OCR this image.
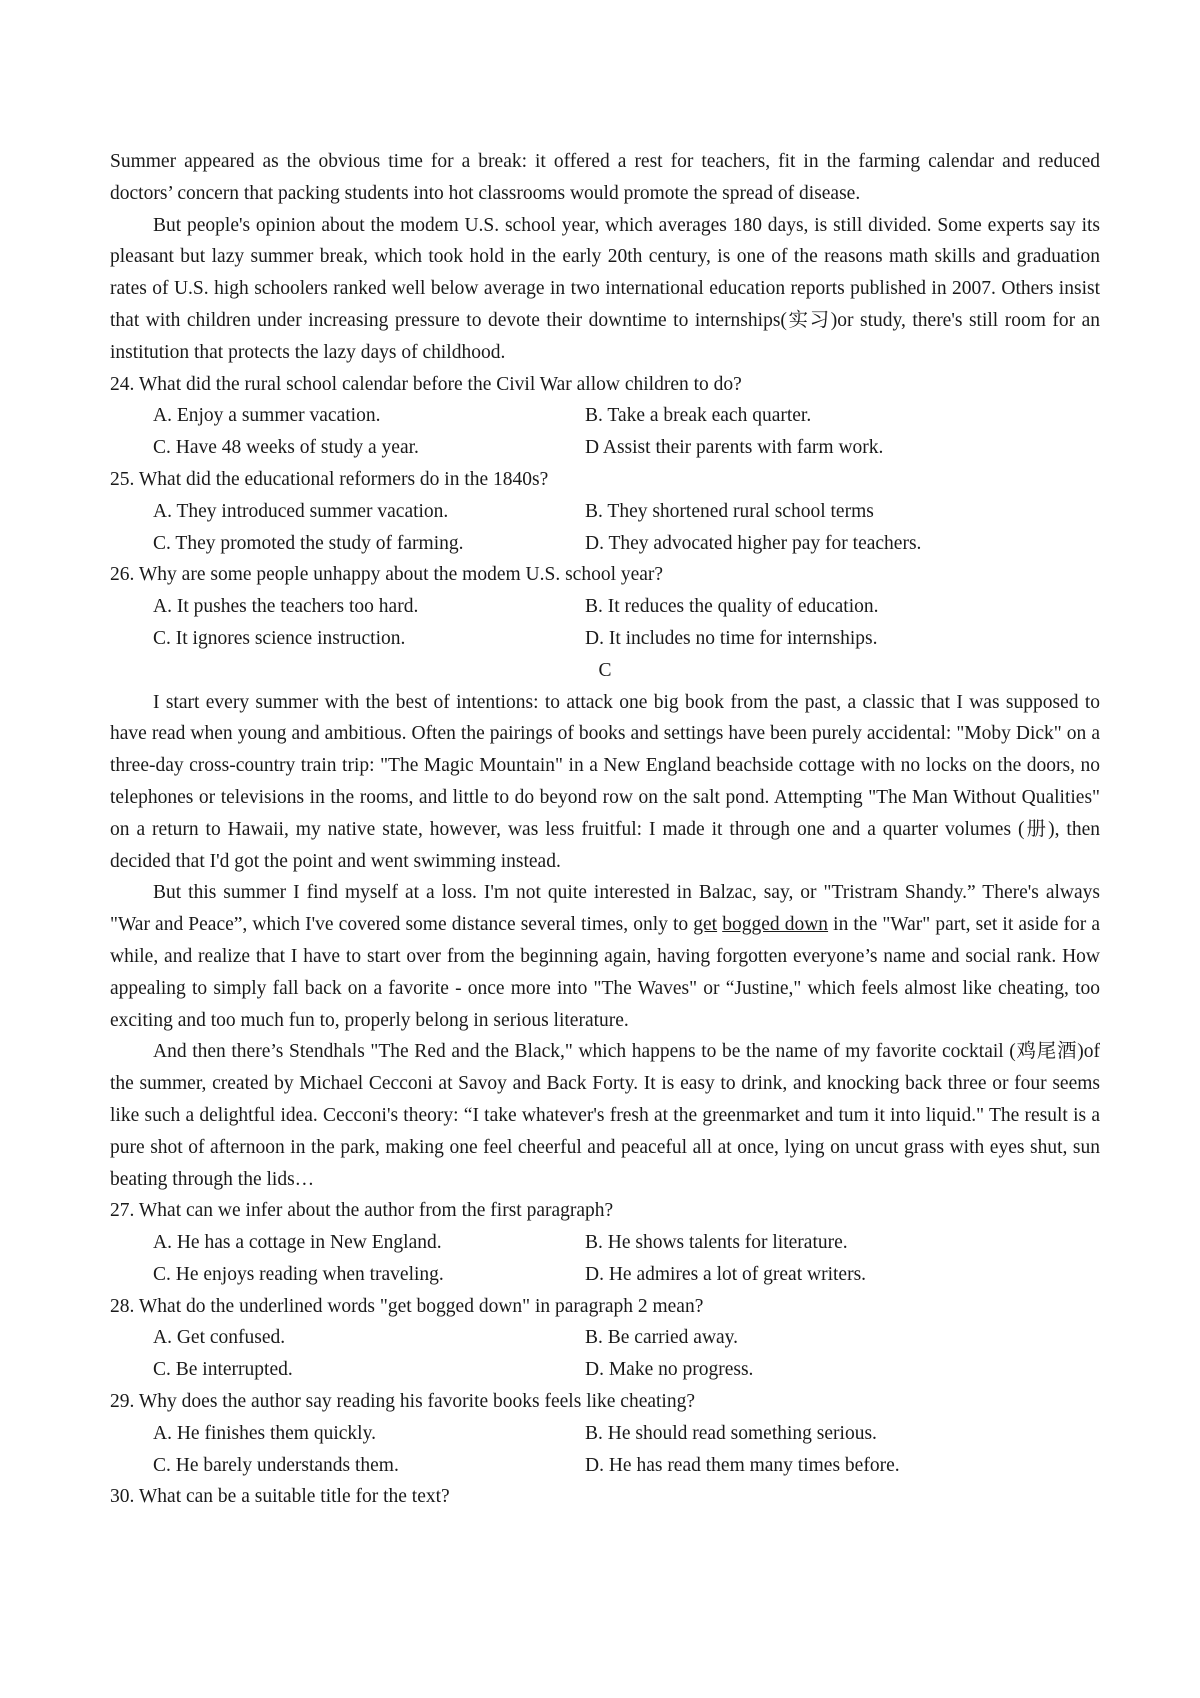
Summer appeared as the obvious time for a break: it offered a rest for teachers, fit in the farming calendar and reduced doctors’ concern that packing students into hot classrooms would promote the spread of disease.

But people's opinion about the modem U.S. school year, which averages 180 days, is still divided. Some experts say its pleasant but lazy summer break, which took hold in the early 20th century, is one of the reasons math skills and graduation rates of U.S. high schoolers ranked well below average in two international education reports published in 2007. Others insist that with children under increasing pressure to devote their downtime to internships(实习)or study, there's still room for an institution that protects the lazy days of childhood.

24. What did the rural school calendar before the Civil War allow children to do?
A. Enjoy a summer vacation.	B. Take a break each quarter.
C. Have 48 weeks of study a year.	D Assist their parents with farm work.
25. What did the educational reformers do in the 1840s?
A. They introduced summer vacation.	B. They shortened rural school terms
C. They promoted the study of farming.	D. They advocated higher pay for teachers.
26. Why are some people unhappy about the modem U.S. school year?
A. It pushes the teachers too hard.	B. It reduces the quality of education.
C. It ignores science instruction.	D. It includes no time for internships.
C

I start every summer with the best of intentions: to attack one big book from the past, a classic that I was supposed to have read when young and ambitious. Often the pairings of books and settings have been purely accidental: "Moby Dick" on a three-day cross-country train trip: "The Magic Mountain" in a New England beachside cottage with no locks on the doors, no telephones or televisions in the rooms, and little to do beyond row on the salt pond. Attempting "The Man Without Qualities" on a return to Hawaii, my native state, however, was less fruitful: I made it through one and a quarter volumes (册), then decided that I'd got the point and went swimming instead.

But this summer I find myself at a loss. I'm not quite interested in Balzac, say, or "Tristram Shandy.” There's always "War and Peace”, which I've covered some distance several times, only to get bogged down in the "War" part, set it aside for a while, and realize that I have to start over from the beginning again, having forgotten everyone’s name and social rank. How appealing to simply fall back on a favorite - once more into "The Waves" or “Justine," which feels almost like cheating, too exciting and too much fun to, properly belong in serious literature.

And then there’s Stendhals "The Red and the Black," which happens to be the name of my favorite cocktail (鸡尾酒)of the summer, created by Michael Cecconi at Savoy and Back Forty. It is easy to drink, and knocking back three or four seems like such a delightful idea. Cecconi's theory: “I take whatever's fresh at the greenmarket and tum it into liquid." The result is a pure shot of afternoon in the park, making one feel cheerful and peaceful all at once, lying on uncut grass with eyes shut, sun beating through the lids…

27. What can we infer about the author from the first paragraph?
A. He has a cottage in New England.	B. He shows talents for literature.
C. He enjoys reading when traveling.	D. He admires a lot of great writers.
28. What do the underlined words "get bogged down" in paragraph 2 mean?
A. Get confused.	B. Be carried away.
C. Be interrupted.	D. Make no progress.
29. Why does the author say reading his favorite books feels like cheating?
A. He finishes them quickly.	B. He should read something serious.
C. He barely understands them.	D. He has read them many times before.
30. What can be a suitable title for the text?
